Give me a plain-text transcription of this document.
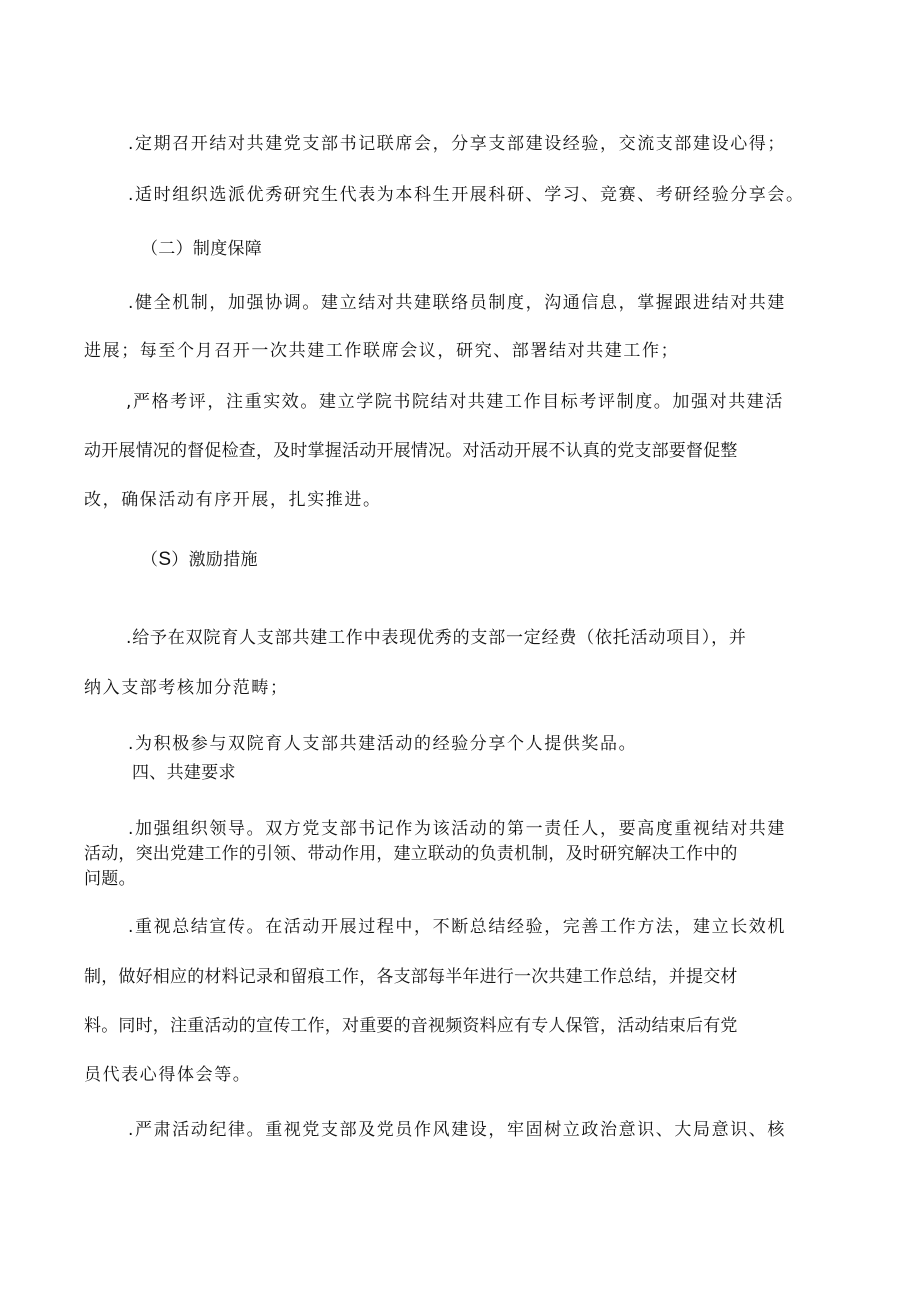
.定期召开结对共建党支部书记联席会，分享支部建设经验，交流支部建设心得；
.适时组织选派优秀研究生代表为本科生开展科研、学习、竞赛、考研经验分享会。
（二）制度保障
.健全机制，加强协调。建立结对共建联络员制度，沟通信息，掌握跟进结对共建
进展；每至个月召开一次共建工作联席会议，研究、部署结对共建工作；
,严格考评，注重实效。建立学院书院结对共建工作目标考评制度。加强对共建活
动开展情况的督促检查，及时掌握活动开展情况。对活动开展不认真的党支部要督促整
改，确保活动有序开展，扎实推进。
（S）激励措施
.给予在双院育人支部共建工作中表现优秀的支部一定经费（依托活动项目），并
纳入支部考核加分范畴；
.为积极参与双院育人支部共建活动的经验分享个人提供奖品。
四、共建要求
.加强组织领导。双方党支部书记作为该活动的第一责任人，要高度重视结对共建
活动，突出党建工作的引领、带动作用，建立联动的负责机制，及时研究解决工作中的
问题。
.重视总结宣传。在活动开展过程中，不断总结经验，完善工作方法，建立长效机
制，做好相应的材料记录和留痕工作，各支部每半年进行一次共建工作总结，并提交材
料。同时，注重活动的宣传工作，对重要的音视频资料应有专人保管，活动结束后有党
员代表心得体会等。
.严肃活动纪律。重视党支部及党员作风建设，牢固树立政治意识、大局意识、核
